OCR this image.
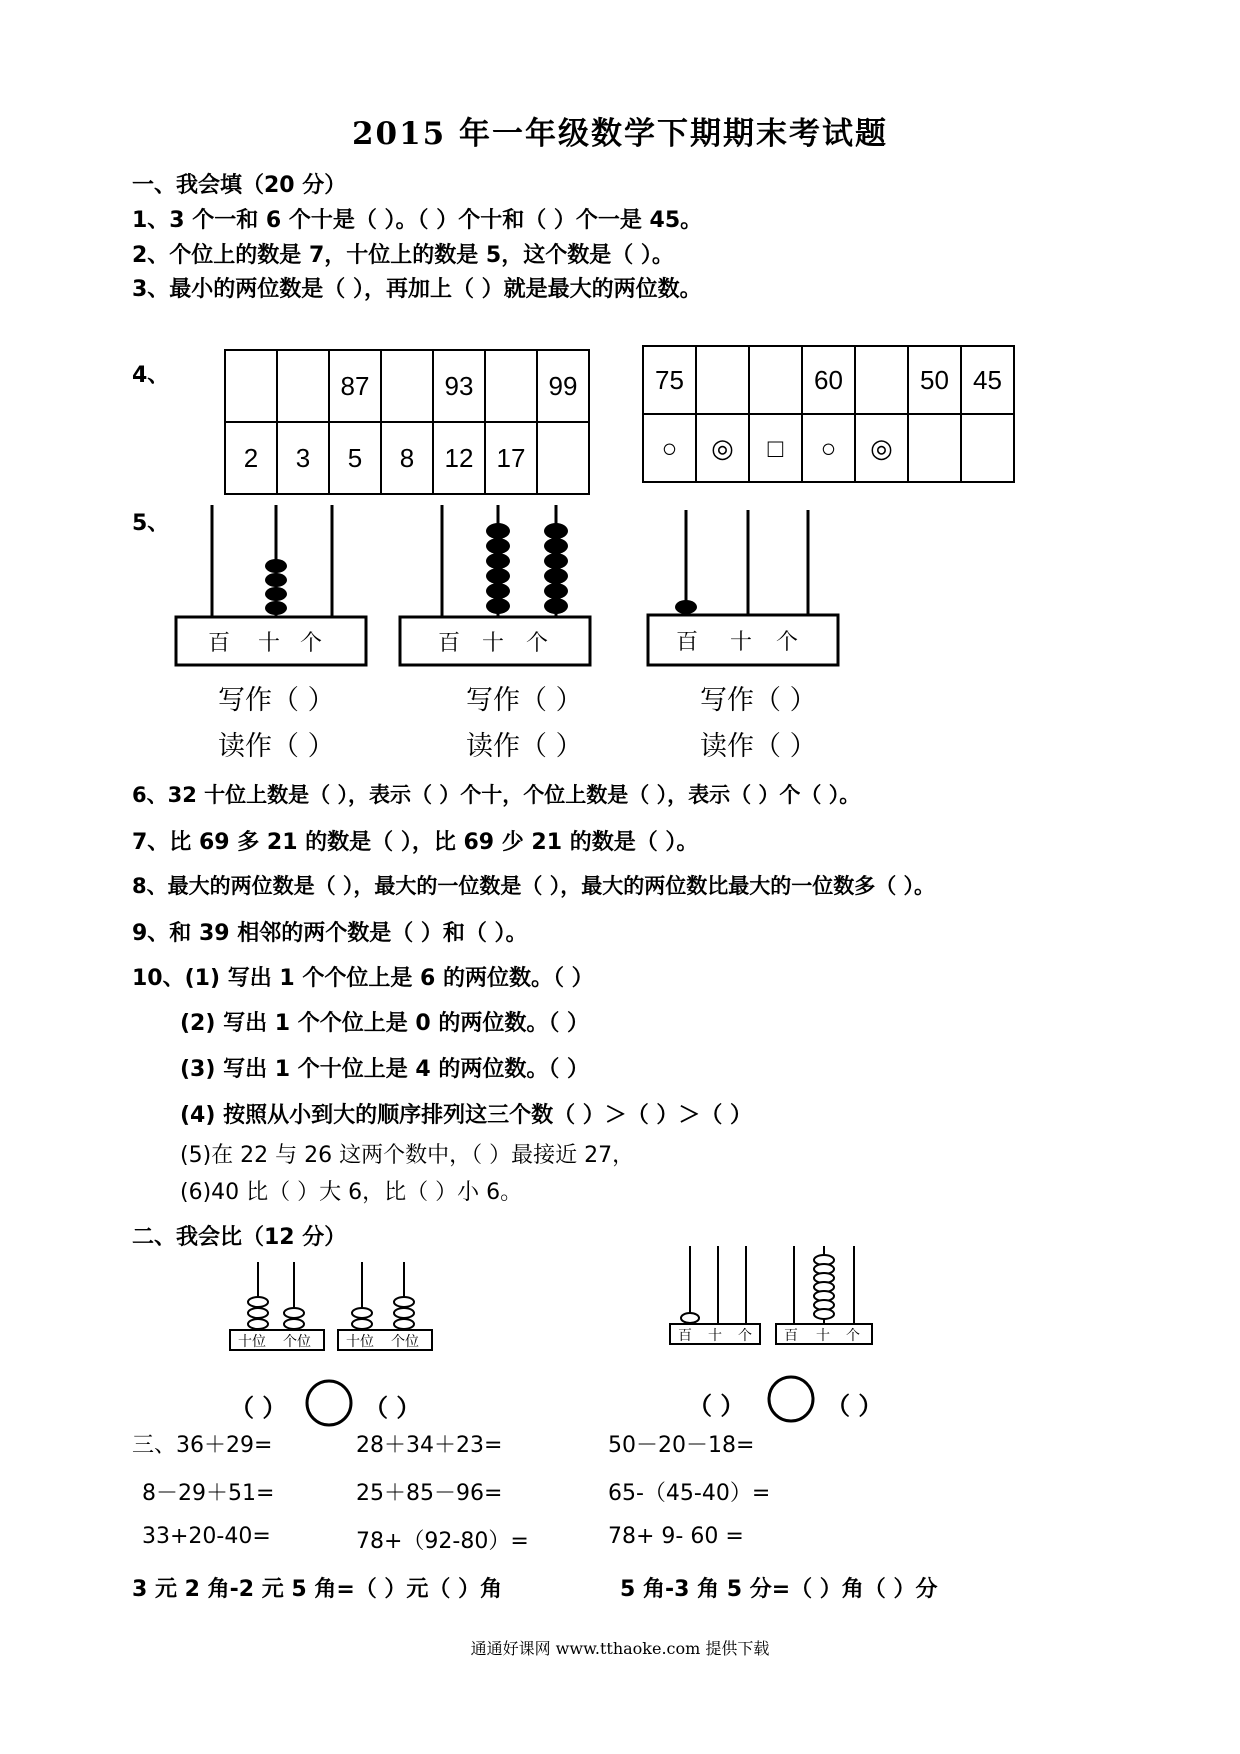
2015 年一年级数学下期期末考试题
一、我会填（20 分）
1、3 个一和 6 个十是（ ）。（ ）个十和（ ）个一是 45。
2、个位上的数是 7，十位上的数是 5，这个数是（ ）。
3、最小的两位数是（ ），再加上（ ）就是最大的两位数。
4、
			87		93		99
2	3	5	8	12	17	
75			60		50	45
○	◎	□	○	◎		
5、
百 十 个	百 十 个	百 十 个
写作（ ）	写作（ ）	写作（ ）
读作（ ）	读作（ ）	读作（ ）
6、32 十位上数是（ ），表示（ ）个十，个位上数是（ ），表示（ ）个（ ）。
7、比 69 多 21 的数是（ ），比 69 少 21 的数是（ ）。
8、最大的两位数是（ ），最大的一位数是（ ），最大的两位数比最大的一位数多（ ）。
9、和 39 相邻的两个数是（ ）和（ ）。
10、(1) 写出 1 个个位上是 6 的两位数。（ ）
(2) 写出 1 个个位上是 0 的两位数。（ ）
(3) 写出 1 个十位上是 4 的两位数。（ ）
(4) 按照从小到大的顺序排列这三个数（ ）＞（ ）＞（ ）
(5)在 22 与 26 这两个数中，（ ）最接近 27，
(6)40 比（ ）大 6，比（ ）小 6。
二、我会比（12 分）
十位 个位	十位 个位	百 十 个 百 十 个
（ ）	（ ）	（ ）	（ ）
三、36＋29=	28＋34＋23=	50－20－18=
8－29＋51=	25＋85－96=	65-（45-40）=
33+20-40=	78+（92-80）=	78+ 9- 60 =
3 元 2 角-2 元 5 角=（ ）元（ ）角	5 角-3 角 5 分=（ ）角（ ）分
通通好课网 www.tthaoke.com 提供下载
